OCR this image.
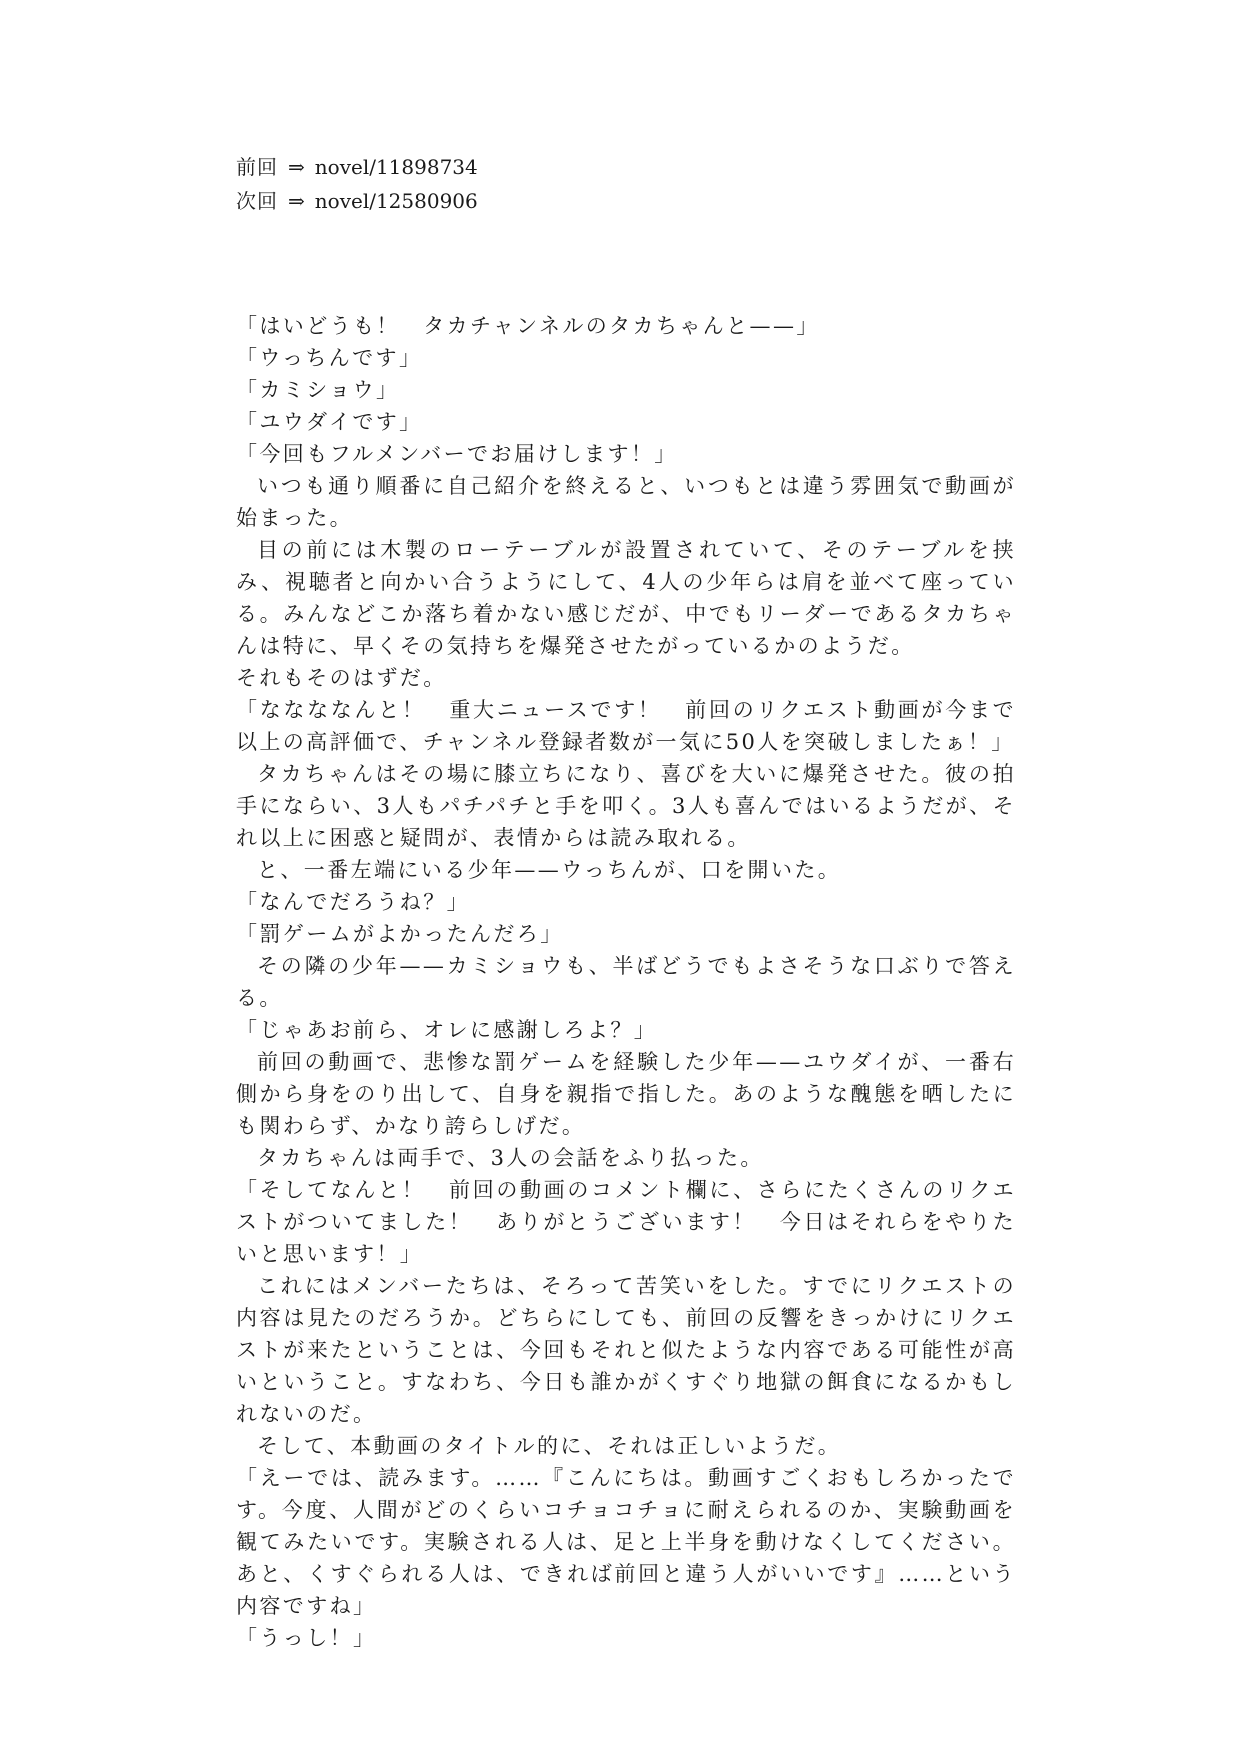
前回 ⇒ novel/11898734
次回 ⇒ novel/12580906

「はいどうも！　タカチャンネルのタカちゃんと——」

「ウっちんです」

「カミショウ」

「ユウダイです」

「今回もフルメンバーでお届けします！」

いつも通り順番に自己紹介を終えると、いつもとは違う雰囲気で動画が始まった。

目の前には木製のローテーブルが設置されていて、そのテーブルを挟み、視聴者と向かい合うようにして、4人の少年らは肩を並べて座っている。みんなどこか落ち着かない感じだが、中でもリーダーであるタカちゃんは特に、早くその気持ちを爆発させたがっているかのようだ。

それもそのはずだ。

「ななななんと！　重大ニュースです！　前回のリクエスト動画が今まで以上の高評価で、チャンネル登録者数が一気に50人を突破しましたぁ！」

タカちゃんはその場に膝立ちになり、喜びを大いに爆発させた。彼の拍手にならい、3人もパチパチと手を叩く。3人も喜んではいるようだが、それ以上に困惑と疑問が、表情からは読み取れる。

と、一番左端にいる少年——ウっちんが、口を開いた。

「なんでだろうね？」

「罰ゲームがよかったんだろ」

その隣の少年——カミショウも、半ばどうでもよさそうな口ぶりで答える。

「じゃあお前ら、オレに感謝しろよ？」

前回の動画で、悲惨な罰ゲームを経験した少年——ユウダイが、一番右側から身をのり出して、自身を親指で指した。あのような醜態を晒したにも関わらず、かなり誇らしげだ。

タカちゃんは両手で、3人の会話をふり払った。

「そしてなんと！　前回の動画のコメント欄に、さらにたくさんのリクエストがついてました！　ありがとうございます！　今日はそれらをやりたいと思います！」

これにはメンバーたちは、そろって苦笑いをした。すでにリクエストの内容は見たのだろうか。どちらにしても、前回の反響をきっかけにリクエストが来たということは、今回もそれと似たような内容である可能性が高いということ。すなわち、今日も誰かがくすぐり地獄の餌食になるかもしれないのだ。

そして、本動画のタイトル的に、それは正しいようだ。

「えーでは、読みます。……『こんにちは。動画すごくおもしろかったです。今度、人間がどのくらいコチョコチョに耐えられるのか、実験動画を観てみたいです。実験される人は、足と上半身を動けなくしてください。あと、くすぐられる人は、できれば前回と違う人がいいです』……という内容ですね」

「うっし！」
